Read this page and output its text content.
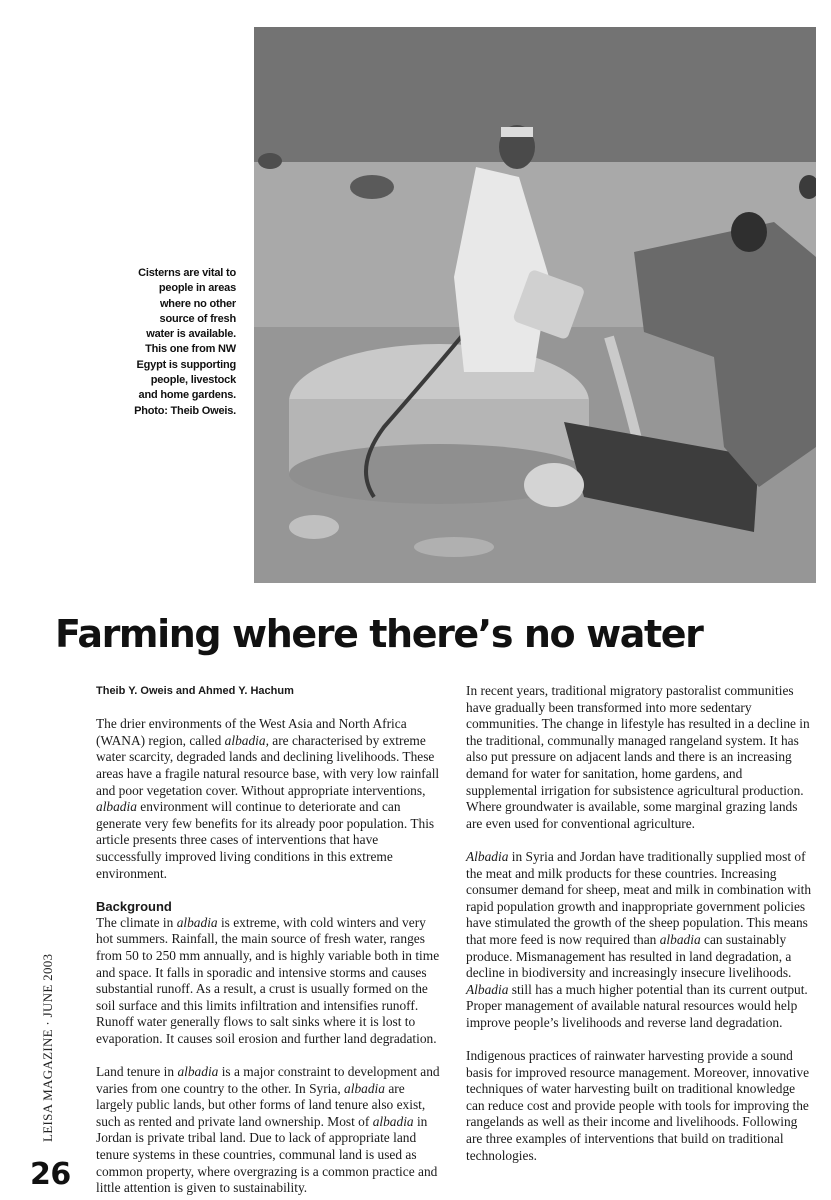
Cisterns are vital to
people in areas
where no other
source of fresh
water is available.
This one from NW
Egypt is supporting
people, livestock
and home gardens.
Photo: Theib Oweis.
Farming where there’s no water
Theib Y. Oweis and Ahmed Y. Hachum

The drier environments of the West Asia and North Africa (WANA) region, called albadia, are characterised by extreme water scarcity, degraded lands and declining livelihoods. These areas have a fragile natural resource base, with very low rainfall and poor vegetation cover. Without appropriate interventions, albadia environment will continue to deteriorate and can generate very few benefits for its already poor population. This article presents three cases of interventions that have successfully improved living conditions in this extreme environment.

Background

The climate in albadia is extreme, with cold winters and very hot summers. Rainfall, the main source of fresh water, ranges from 50 to 250 mm annually, and is highly variable both in time and space. It falls in sporadic and intensive storms and causes substantial runoff. As a result, a crust is usually formed on the soil surface and this limits infiltration and intensifies runoff. Runoff water generally flows to salt sinks where it is lost to evaporation. It causes soil erosion and further land degradation.

Land tenure in albadia is a major constraint to development and varies from one country to the other. In Syria, albadia are largely public lands, but other forms of land tenure also exist, such as rented and private land ownership. Most of albadia in Jordan is private tribal land. Due to lack of appropriate land tenure systems in these countries, communal land is used as common property, where overgrazing is a common practice and little attention is given to sustainability.

In recent years, traditional migratory pastoralist communities have gradually been transformed into more sedentary communities. The change in lifestyle has resulted in a decline in the traditional, communally managed rangeland system. It has also put pressure on adjacent lands and there is an increasing demand for water for sanitation, home gardens, and supplemental irrigation for subsistence agricultural production. Where groundwater is available, some marginal grazing lands are even used for conventional agriculture.

Albadia in Syria and Jordan have traditionally supplied most of the meat and milk products for these countries. Increasing consumer demand for sheep, meat and milk in combination with rapid population growth and inappropriate government policies have stimulated the growth of the sheep population. This means that more feed is now required than albadia can sustainably produce. Mismanagement has resulted in land degradation, a decline in biodiversity and increasingly insecure livelihoods. Albadia still has a much higher potential than its current output. Proper management of available natural resources would help improve people’s livelihoods and reverse land degradation.

Indigenous practices of rainwater harvesting provide a sound basis for improved resource management. Moreover, innovative techniques of water harvesting built on traditional knowledge can reduce cost and provide people with tools for improving the rangelands as well as their income and livelihoods. Following are three examples of interventions that build on traditional technologies.

LEISA MAGAZINE · JUNE 2003
26
